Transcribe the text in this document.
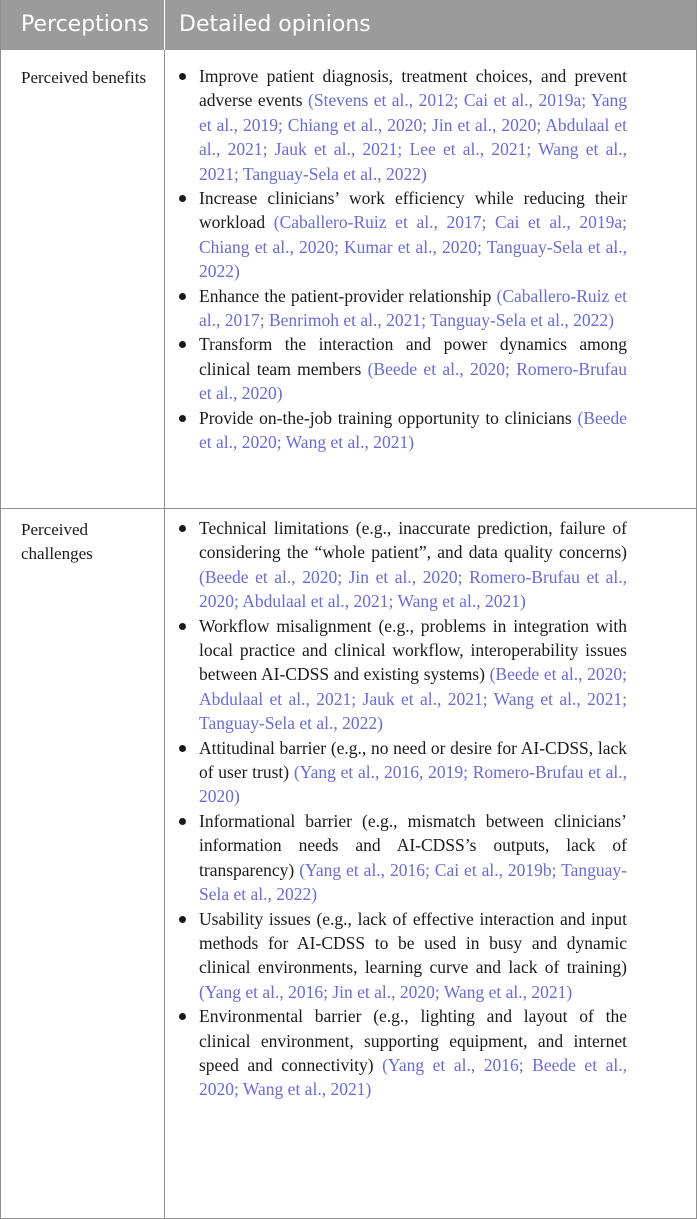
Perceptions	Detailed opinions
Perceived benefits	Improve patient diagnosis, treatment choices, and prevent adverse events (Stevens et al., 2012; Cai et al., 2019a; Yang et al., 2019; Chiang et al., 2020; Jin et al., 2020; Abdulaal et al., 2021; Jauk et al., 2021; Lee et al., 2021; Wang et al., 2021; Tanguay-Sela et al., 2022)
Increase clinicians’ work efficiency while reducing their workload (Caballero-Ruiz et al., 2017; Cai et al., 2019a; Chiang et al., 2020; Kumar et al., 2020; Tanguay-Sela et al., 2022)
Enhance the patient-provider relationship (Caballero-Ruiz et al., 2017; Benrimoh et al., 2021; Tanguay-Sela et al., 2022)
Transform the interaction and power dynamics among clinical team members (Beede et al., 2020; Romero-Brufau et al., 2020)
Provide on-the-job training opportunity to clinicians (Beede et al., 2020; Wang et al., 2021)
Perceived challenges
Technical limitations (e.g., inaccurate prediction, failure of considering the “whole patient”, and data quality concerns) (Beede et al., 2020; Jin et al., 2020; Romero-Brufau et al., 2020; Abdulaal et al., 2021; Wang et al., 2021)
Workflow misalignment (e.g., problems in integration with local practice and clinical workflow, interoperability issues between AI-CDSS and existing systems) (Beede et al., 2020; Abdulaal et al., 2021; Jauk et al., 2021; Wang et al., 2021; Tanguay-Sela et al., 2022)
Attitudinal barrier (e.g., no need or desire for AI-CDSS, lack of user trust) (Yang et al., 2016, 2019; Romero-Brufau et al., 2020)
Informational barrier (e.g., mismatch between clinicians’ information needs and AI-CDSS’s outputs, lack of transparency) (Yang et al., 2016; Cai et al., 2019b; Tanguay-Sela et al., 2022)
Usability issues (e.g., lack of effective interaction and input methods for AI-CDSS to be used in busy and dynamic clinical environments, learning curve and lack of training) (Yang et al., 2016; Jin et al., 2020; Wang et al., 2021)
Environmental barrier (e.g., lighting and layout of the clinical environment, supporting equipment, and internet speed and connectivity) (Yang et al., 2016; Beede et al., 2020; Wang et al., 2021)
